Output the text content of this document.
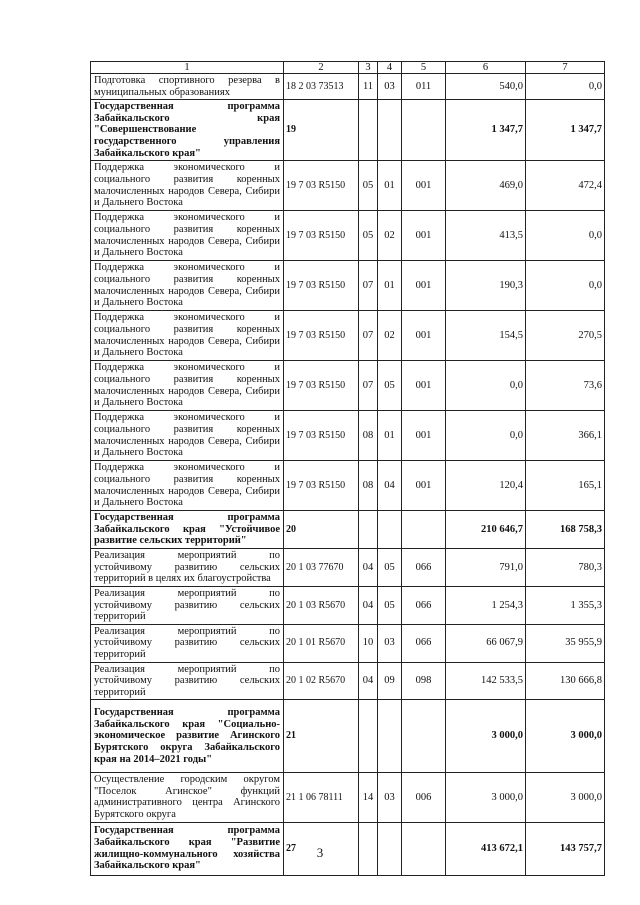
1	2	3	4	5	6	7
Подготовка спортивного резерва в муниципальных образованиях	18 2 03 73513	11	03	011	540,0	0,0
Государственная программа Забайкальского края "Совершенствование государственного управления Забайкальского края"	19				1 347,7	1 347,7
Поддержка экономического и социального развития коренных малочисленных народов Севера, Сибири и Дальнего Востока	19 7 03 R5150	05	01	001	469,0	472,4
Поддержка экономического и социального развития коренных малочисленных народов Севера, Сибири и Дальнего Востока	19 7 03 R5150	05	02	001	413,5	0,0
Поддержка экономического и социального развития коренных малочисленных народов Севера, Сибири и Дальнего Востока	19 7 03 R5150	07	01	001	190,3	0,0
Поддержка экономического и социального развития коренных малочисленных народов Севера, Сибири и Дальнего Востока	19 7 03 R5150	07	02	001	154,5	270,5
Поддержка экономического и социального развития коренных малочисленных народов Севера, Сибири и Дальнего Востока	19 7 03 R5150	07	05	001	0,0	73,6
Поддержка экономического и социального развития коренных малочисленных народов Севера, Сибири и Дальнего Востока	19 7 03 R5150	08	01	001	0,0	366,1
Поддержка экономического и социального развития коренных малочисленных народов Севера, Сибири и Дальнего Востока	19 7 03 R5150	08	04	001	120,4	165,1
Государственная программа Забайкальского края "Устойчивое развитие сельских территорий"	20				210 646,7	168 758,3
Реализация мероприятий по устойчивому развитию сельских территорий в целях их благоустройства	20 1 03 77670	04	05	066	791,0	780,3
Реализация мероприятий по устойчивому развитию сельских территорий	20 1 03 R5670	04	05	066	1 254,3	1 355,3
Реализация мероприятий по устойчивому развитию сельских территорий	20 1 01 R5670	10	03	066	66 067,9	35 955,9
Реализация мероприятий по устойчивому развитию сельских территорий	20 1 02 R5670	04	09	098	142 533,5	130 666,8
Государственная программа Забайкальского края "Социально-экономическое развитие Агинского Бурятского округа Забайкальского края на 2014–2021 годы"	21				3 000,0	3 000,0
Осуществление городским округом "Поселок Агинское" функций административного центра Агинского Бурятского округа	21 1 06 78111	14	03	006	3 000,0	3 000,0
Государственная программа Забайкальского края "Развитие жилищно-коммунального хозяйства Забайкальского края"	27				413 672,1	143 757,7
3
